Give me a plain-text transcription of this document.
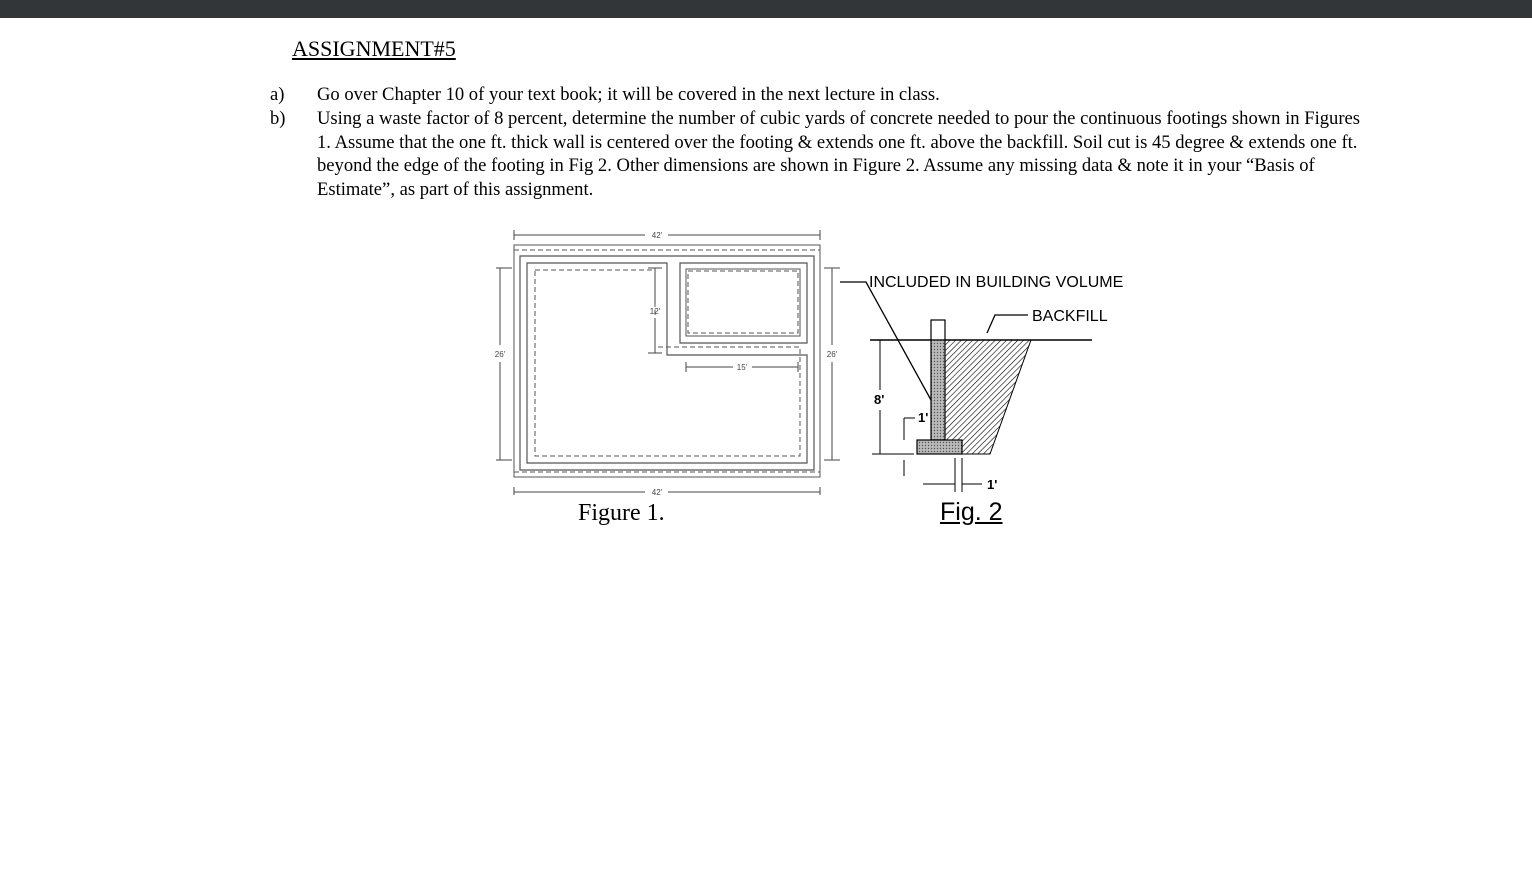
ASSIGNMENT#5
a)	Go over Chapter 10 of your text book; it will be covered in the next lecture in class.
b)	Using a waste factor of 8 percent, determine the number of cubic yards of concrete needed to pour the continuous footings shown in Figures 1. Assume that the one ft. thick wall is centered over the footing & extends one ft. above the backfill. Soil cut is 45 degree & extends one ft. beyond the edge of the footing in Fig 2. Other dimensions are shown in Figure 2. Assume any missing data & note it in your “Basis of Estimate”, as part of this assignment.
42'
42'
26'	26'
12'
15'
Figure 1.
INCLUDED IN BUILDING VOLUME
BACKFILL
8'
1'
1'
Fig. 2
